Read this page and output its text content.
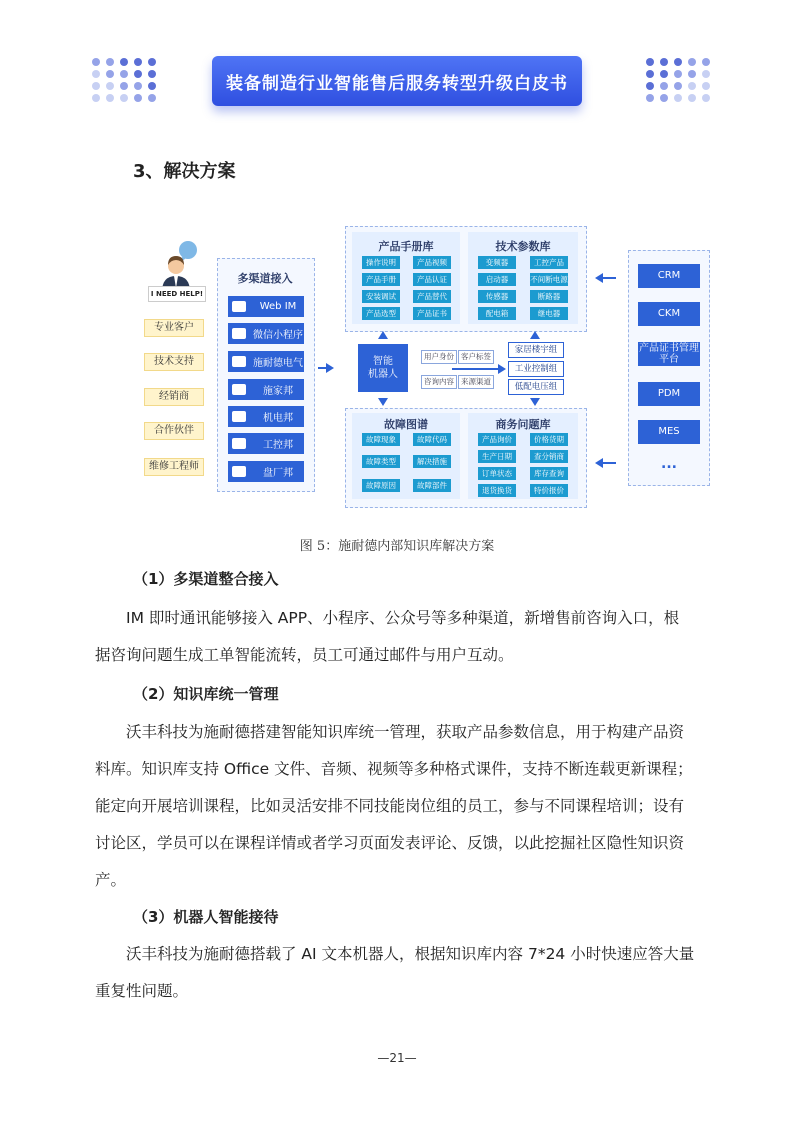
装备制造行业智能售后服务转型升级白皮书
3、解决方案
I NEED HELP!
专业客户
技术支持
经销商
合作伙伴
维修工程师
多渠道接入
Web IM
微信小程序
施耐德电气
施家邦
机电邦
工控邦
盘厂邦
产品手册库
操作说明	产品视频
产品手册	产品认证
安装调试	产品替代
产品选型	产品证书
技术参数库
变频器	工控产品
启动器	不间断电源
传感器	断路器
配电箱	继电器
故障图谱
故障现象	故障代码
故障类型	解决措施
故障原因	故障部件
商务问题库
产品询价	价格货期
生产日期	查分销商
订单状态	库存查询
退货换货	特价报价
智能
机器人
用户身份 客户标签
咨询内容 来源渠道
家居楼宇组
工业控制组
低配电压组
CRM
CKM
产品证书管理平台
PDM
MES
...
图 5：施耐德内部知识库解决方案
（1）多渠道整合接入
IM 即时通讯能够接入 APP、小程序、公众号等多种渠道，新增售前咨询入口，根
据咨询问题生成工单智能流转，员工可通过邮件与用户互动。
（2）知识库统一管理
沃丰科技为施耐德搭建智能知识库统一管理，获取产品参数信息，用于构建产品资
料库。知识库支持 Office 文件、音频、视频等多种格式课件，支持不断连载更新课程；
能定向开展培训课程，比如灵活安排不同技能岗位组的员工，参与不同课程培训；设有
讨论区，学员可以在课程详情或者学习页面发表评论、反馈，以此挖掘社区隐性知识资
产。
（3）机器人智能接待
沃丰科技为施耐德搭载了 AI 文本机器人，根据知识库内容 7*24 小时快速应答大量
重复性问题。
—21—
